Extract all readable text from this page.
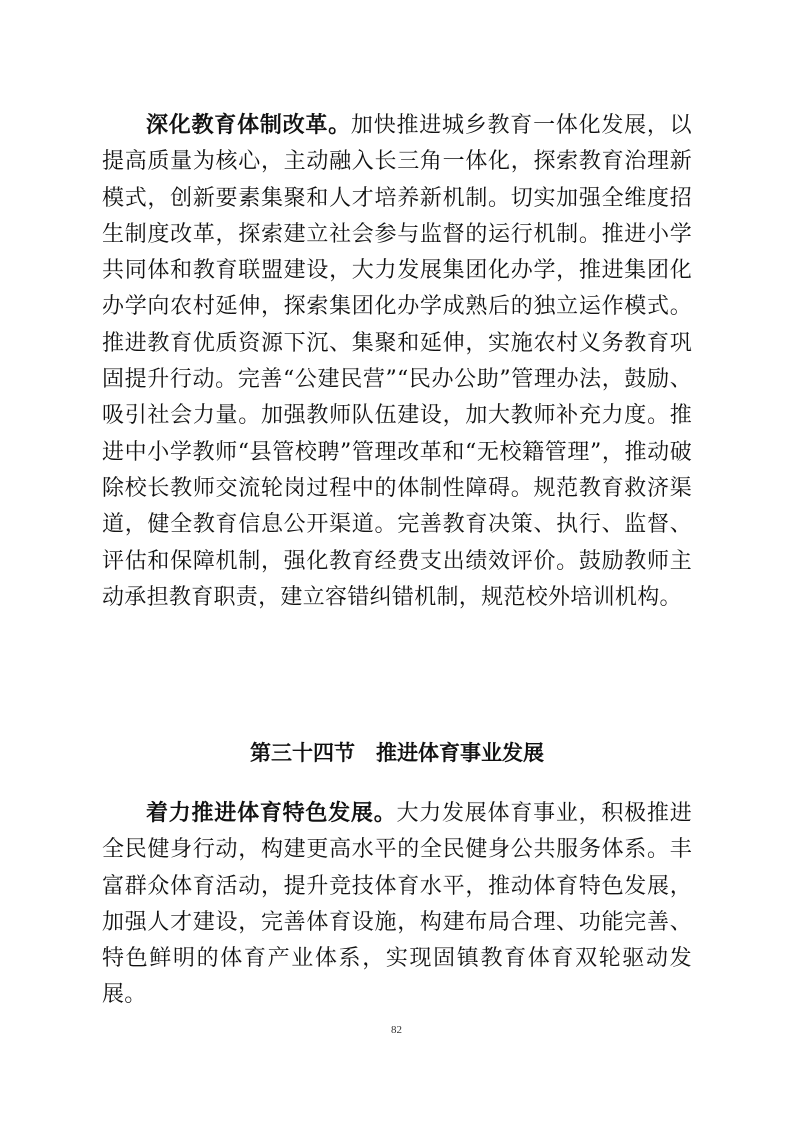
深化教育体制改革。加快推进城乡教育一体化发展，以提高质量为核心，主动融入长三角一体化，探索教育治理新模式，创新要素集聚和人才培养新机制。切实加强全维度招生制度改革，探索建立社会参与监督的运行机制。推进小学共同体和教育联盟建设，大力发展集团化办学，推进集团化办学向农村延伸，探索集团化办学成熟后的独立运作模式。推进教育优质资源下沉、集聚和延伸，实施农村义务教育巩固提升行动。完善“公建民营”“民办公助”管理办法，鼓励、吸引社会力量。加强教师队伍建设，加大教师补充力度。推进中小学教师“县管校聘”管理改革和“无校籍管理”，推动破除校长教师交流轮岗过程中的体制性障碍。规范教育救济渠道，健全教育信息公开渠道。完善教育决策、执行、监督、评估和保障机制，强化教育经费支出绩效评价。鼓励教师主动承担教育职责，建立容错纠错机制，规范校外培训机构。

第三十四节　推进体育事业发展

着力推进体育特色发展。大力发展体育事业，积极推进全民健身行动，构建更高水平的全民健身公共服务体系。丰富群众体育活动，提升竞技体育水平，推动体育特色发展，加强人才建设，完善体育设施，构建布局合理、功能完善、特色鲜明的体育产业体系，实现固镇教育体育双轮驱动发展。

82
